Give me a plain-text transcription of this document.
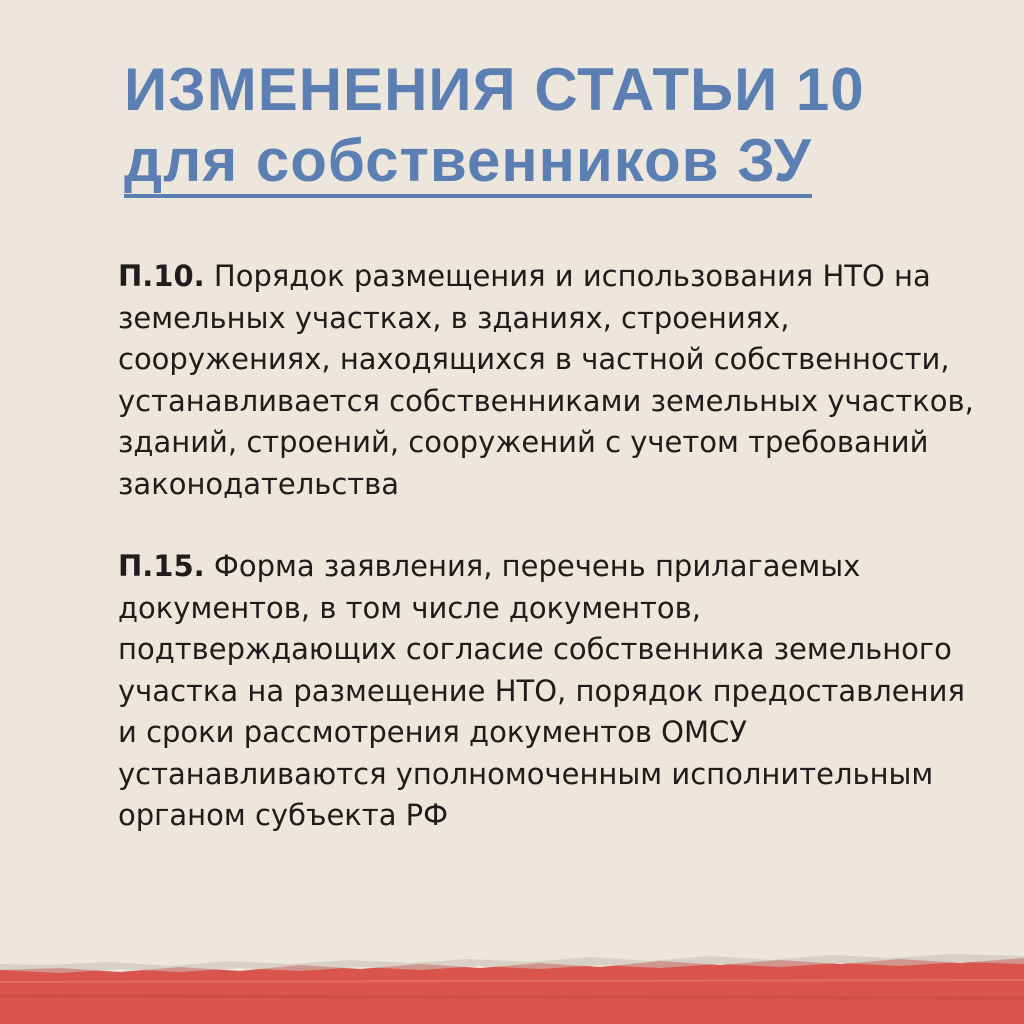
ИЗМЕНЕНИЯ СТАТЬИ 10
для собственников ЗУ

П.10. Порядок размещения и использования НТО на земельных участках, в зданиях, строениях, сооружениях, находящихся в частной собственности, устанавливается собственниками земельных участков, зданий, строений, сооружений с учетом требований законодательства

П.15. Форма заявления, перечень прилагаемых документов, в том числе документов, подтверждающих согласие собственника земельного участка на размещение НТО, порядок предоставления и сроки рассмотрения документов ОМСУ устанавливаются уполномоченным исполнительным органом субъекта РФ
